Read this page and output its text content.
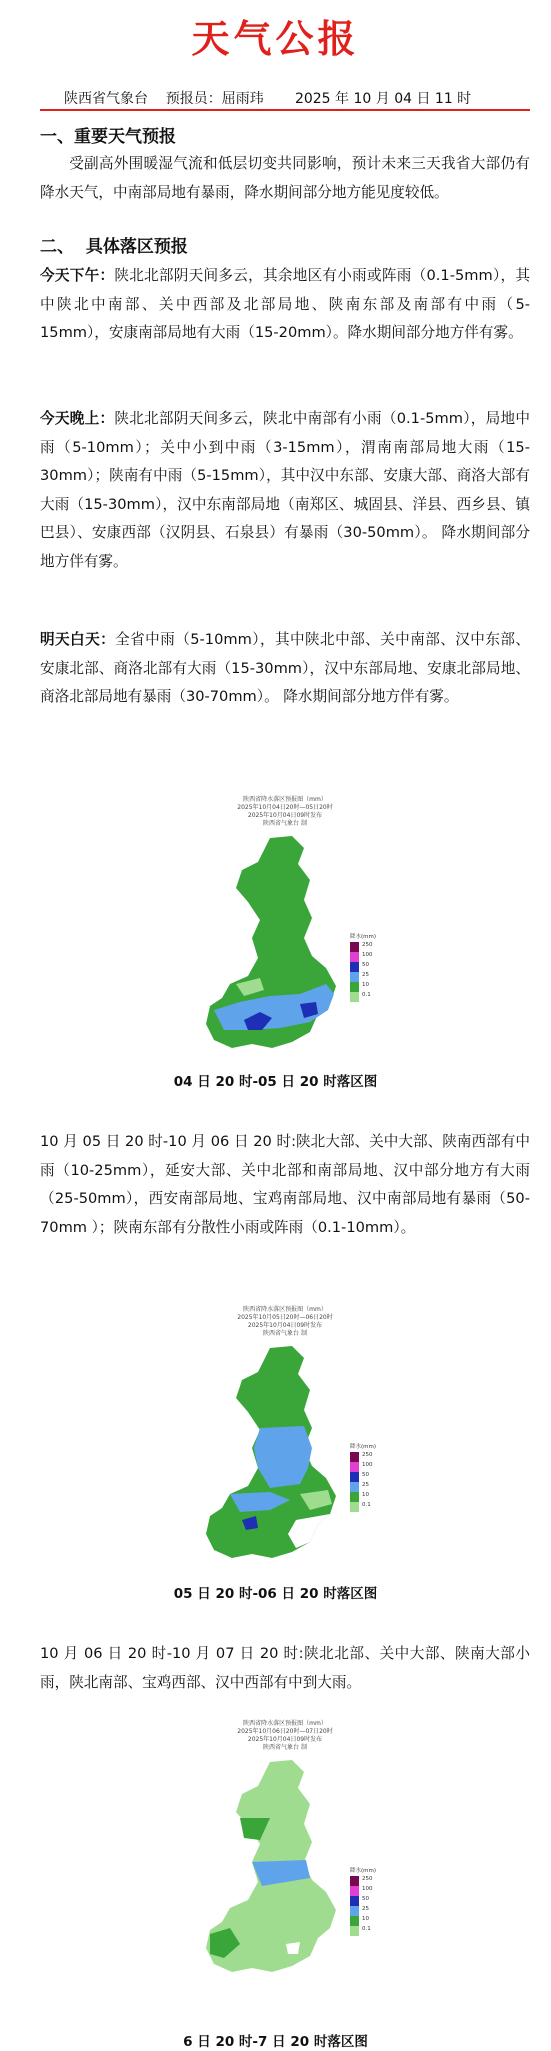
天气公报
陕西省气象台    预报员：屈雨玮       2025 年 10 月 04 日 11 时
一、重要天气预报
受副高外围暖湿气流和低层切变共同影响，预计未来三天我省大部仍有降水天气，中南部局地有暴雨，降水期间部分地方能见度较低。
二、  具体落区预报
今天下午：陕北北部阴天间多云，其余地区有小雨或阵雨（0.1-5mm），其中陕北中南部、关中西部及北部局地、陕南东部及南部有中雨（5-15mm），安康南部局地有大雨（15-20mm）。降水期间部分地方伴有雾。
今天晚上：陕北北部阴天间多云，陕北中南部有小雨（0.1-5mm），局地中雨（5-10mm）；关中小到中雨（3-15mm），渭南南部局地大雨（15-30mm）；陕南有中雨（5-15mm），其中汉中东部、安康大部、商洛大部有大雨（15-30mm），汉中东南部局地（南郑区、城固县、洋县、西乡县、镇巴县）、安康西部（汉阴县、石泉县）有暴雨（30-50mm）。 降水期间部分地方伴有雾。
明天白天：全省中雨（5-10mm），其中陕北中部、关中南部、汉中东部、安康北部、商洛北部有大雨（15-30mm），汉中东部局地、安康北部局地、商洛北部局地有暴雨（30-70mm）。 降水期间部分地方伴有雾。
陕西省降水落区预报图（mm）
2025年10月04日20时—05日20时
2025年10月04日09时发布
陕西省气象台 制
降水(mm)
250
100
50
25
10
0.1
04 日 20 时-05 日 20 时落区图
10 月 05 日 20 时-10 月 06 日 20 时:陕北大部、关中大部、陕南西部有中雨（10-25mm），延安大部、关中北部和南部局地、汉中部分地方有大雨（25-50mm），西安南部局地、宝鸡南部局地、汉中南部局地有暴雨（50-70mm ）；陕南东部有分散性小雨或阵雨（0.1-10mm）。
陕西省降水落区预报图（mm）
2025年10月05日20时—06日20时
2025年10月04日09时发布
陕西省气象台 制
降水(mm)
250
100
50
25
10
0.1
05 日 20 时-06 日 20 时落区图
10 月 06 日 20 时-10 月 07 日 20 时:陕北北部、关中大部、陕南大部小雨，陕北南部、宝鸡西部、汉中西部有中到大雨。
陕西省降水落区预报图（mm）
2025年10月06日20时—07日20时
2025年10月04日09时发布
陕西省气象台 制
降水(mm)
250
100
50
25
10
0.1
6 日 20 时-7 日 20 时落区图
